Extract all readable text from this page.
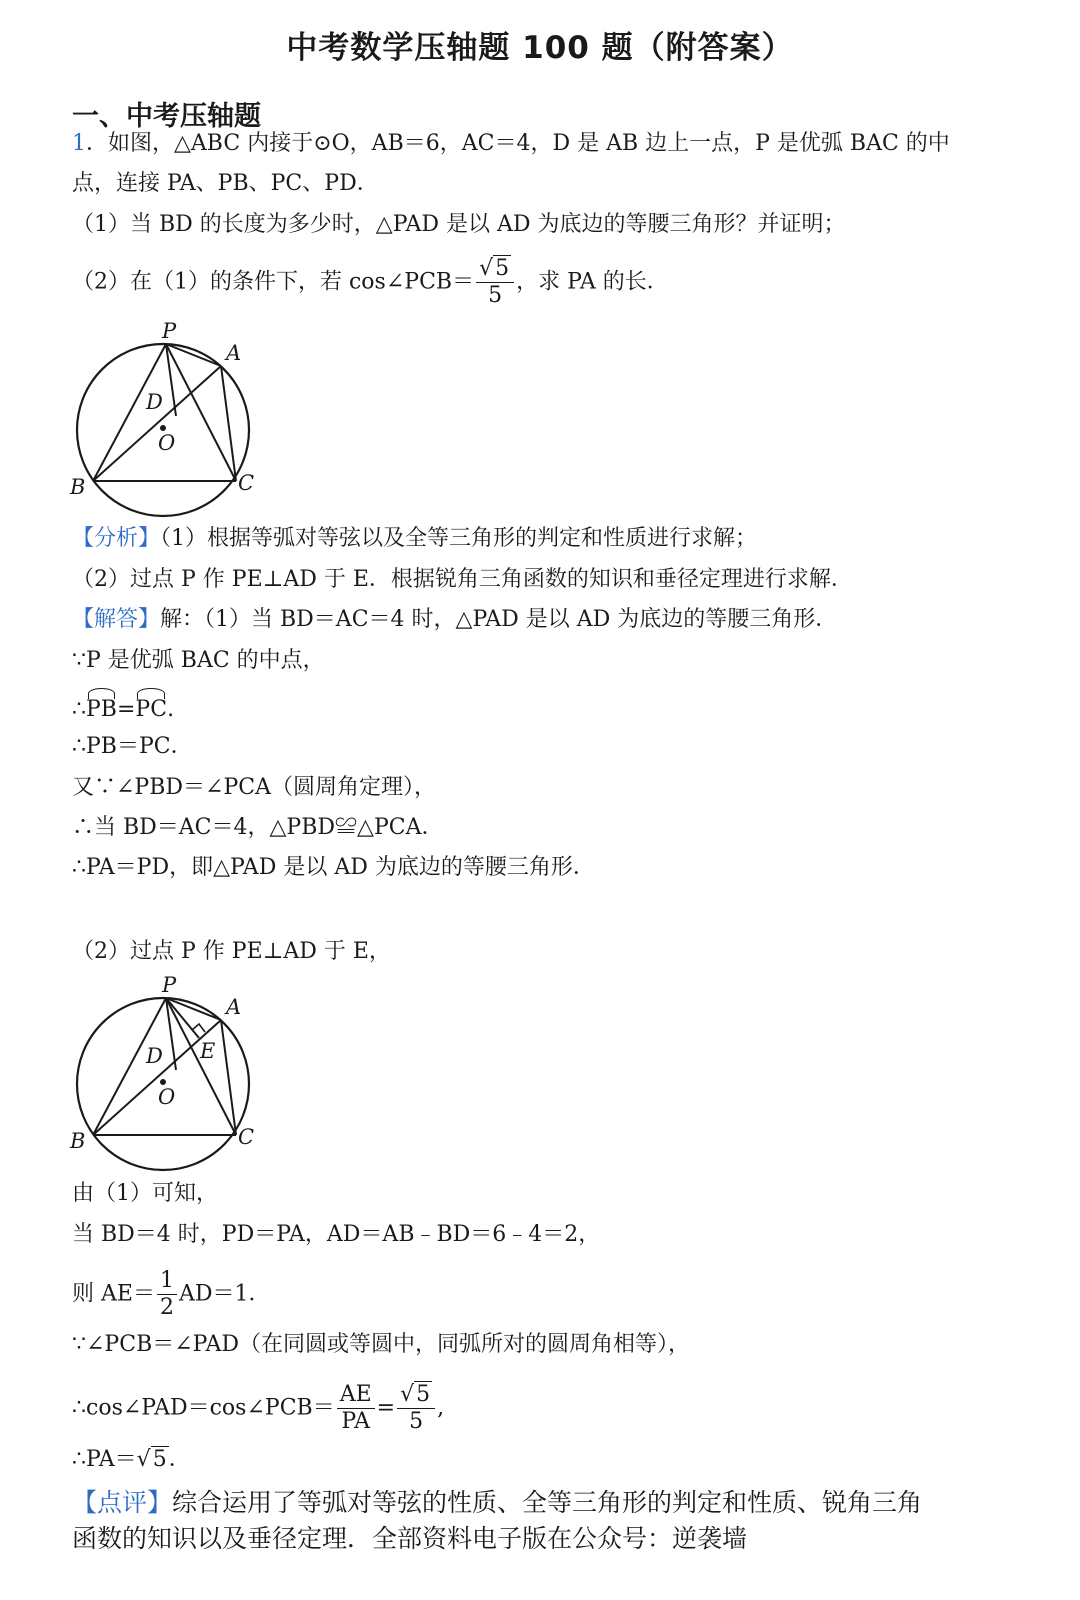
中考数学压轴题 100 题（附答案）
一、中考压轴题
1．如图，△ABC 内接于⊙O，AB＝6，AC＝4，D 是 AB 边上一点，P 是优弧 BAC 的中
点，连接 PA、PB、PC、PD．
（1）当 BD 的长度为多少时，△PAD 是以 AD 为底边的等腰三角形？并证明；
（2）在（1）的条件下，若 cos∠PCB＝ $\frac{√5}{5}$ ，求 PA 的长．
P
A
D
O
B	C
【分析】（1）根据等弧对等弦以及全等三角形的判定和性质进行求解；
（2）过点 P 作 PE⊥AD 于 E．根据锐角三角函数的知识和垂径定理进行求解．
【解答】解：（1）当 BD＝AC＝4 时，△PAD 是以 AD 为底边的等腰三角形．
∵P 是优弧 BAC 的中点，
∴PB=PC.
∴PB＝PC．
又∵∠PBD＝∠PCA（圆周角定理），
∴当 BD＝AC＝4，△PBD≌△PCA．
∴PA＝PD，即△PAD 是以 AD 为底边的等腰三角形．
（2）过点 P 作 PE⊥AD 于 E，
P
A
D E
O
B	C
由（1）可知，
当 BD＝4 时，PD＝PA，AD＝AB﹣BD＝6﹣4＝2，
则 $AE= \frac{1}{2} AD=1$．
∵∠PCB＝∠PAD（在同圆或等圆中，同弧所对的圆周角相等），
∴cos∠PAD＝cos∠PCB＝ $\frac{AE}{PA} = \frac{√5}{5}$ ,
∴PA＝√5．
【点评】综合运用了等弧对等弦的性质、全等三角形的判定和性质、锐角三角
函数的知识以及垂径定理．全部资料电子版在公众号：逆袭墙
